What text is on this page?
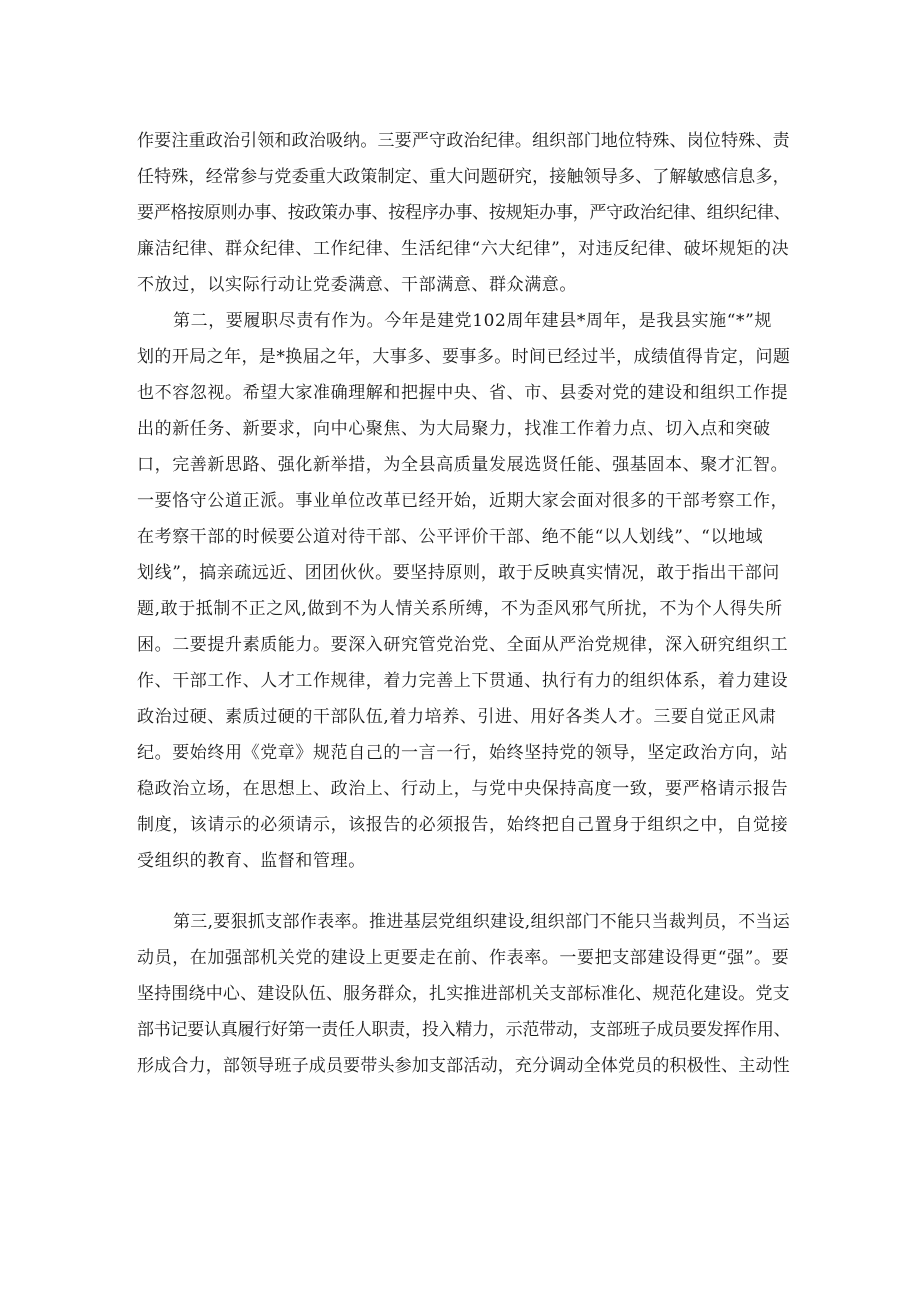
作要注重政治引领和政治吸纳。三要严守政治纪律。组织部门地位特殊、岗位特殊、责
任特殊，经常参与党委重大政策制定、重大问题研究，接触领导多、了解敏感信息多，
要严格按原则办事、按政策办事、按程序办事、按规矩办事，严守政治纪律、组织纪律、
廉洁纪律、群众纪律、工作纪律、生活纪律“六大纪律”，对违反纪律、破坏规矩的决
不放过，以实际行动让党委满意、干部满意、群众满意。
第二，要履职尽责有作为。今年是建党102周年建县*周年，是我县实施“*”规
划的开局之年，是*换届之年，大事多、要事多。时间已经过半，成绩值得肯定，问题
也不容忽视。希望大家准确理解和把握中央、省、市、县委对党的建设和组织工作提
出的新任务、新要求，向中心聚焦、为大局聚力，找准工作着力点、切入点和突破
口，完善新思路、强化新举措，为全县高质量发展选贤任能、强基固本、聚才汇智。
一要恪守公道正派。事业单位改革已经开始，近期大家会面对很多的干部考察工作，
在考察干部的时候要公道对待干部、公平评价干部、绝不能“以人划线”、“以地域
划线”，搞亲疏远近、团团伙伙。要坚持原则，敢于反映真实情况，敢于指出干部问
题,敢于抵制不正之风,做到不为人情关系所缚，不为歪风邪气所扰，不为个人得失所
困。二要提升素质能力。要深入研究管党治党、全面从严治党规律，深入研究组织工
作、干部工作、人才工作规律，着力完善上下贯通、执行有力的组织体系，着力建设
政治过硬、素质过硬的干部队伍,着力培养、引进、用好各类人才。三要自觉正风肃
纪。要始终用《党章》规范自己的一言一行，始终坚持党的领导，坚定政治方向，站
稳政治立场，在思想上、政治上、行动上，与党中央保持高度一致，要严格请示报告
制度，该请示的必须请示，该报告的必须报告，始终把自己置身于组织之中，自觉接
受组织的教育、监督和管理。
第三,要狠抓支部作表率。推进基层党组织建设,组织部门不能只当裁判员，不当运
动员，在加强部机关党的建设上更要走在前、作表率。一要把支部建设得更“强”。要
坚持围绕中心、建设队伍、服务群众，扎实推进部机关支部标准化、规范化建设。党支
部书记要认真履行好第一责任人职责，投入精力，示范带动，支部班子成员要发挥作用、
形成合力，部领导班子成员要带头参加支部活动，充分调动全体党员的积极性、主动性
